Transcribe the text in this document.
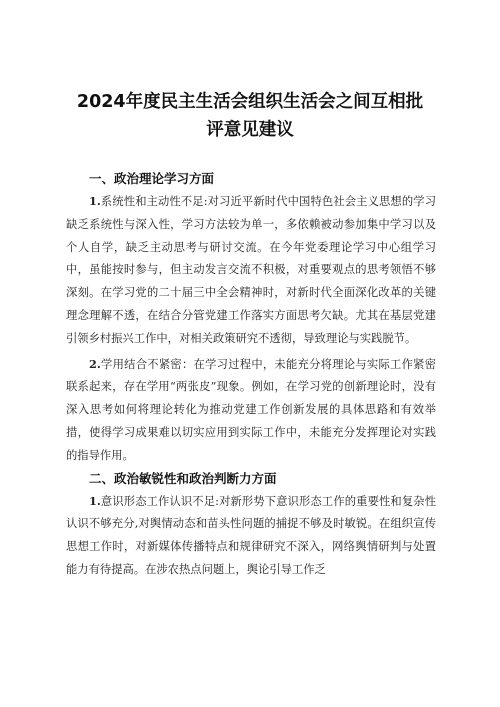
2024年度民主生活会组织生活会之间互相批
评意见建议
一、政治理论学习方面

1.系统性和主动性不足:对习近平新时代中国特色社会主义思想的学习缺乏系统性与深入性，学习方法较为单一，多依赖被动参加集中学习以及个人自学，缺乏主动思考与研讨交流。在今年党委理论学习中心组学习中，虽能按时参与，但主动发言交流不积极，对重要观点的思考领悟不够深刻。在学习党的二十届三中全会精神时，对新时代全面深化改革的关键理念理解不透，在结合分管党建工作落实方面思考欠缺。尤其在基层党建引领乡村振兴工作中，对相关政策研究不透彻，导致理论与实践脱节。

2.学用结合不紧密：在学习过程中，未能充分将理论与实际工作紧密联系起来，存在学用“两张皮”现象。例如，在学习党的创新理论时，没有深入思考如何将理论转化为推动党建工作创新发展的具体思路和有效举措，使得学习成果难以切实应用到实际工作中，未能充分发挥理论对实践的指导作用。

二、政治敏锐性和政治判断力方面

1.意识形态工作认识不足:对新形势下意识形态工作的重要性和复杂性认识不够充分,对舆情动态和苗头性问题的捕捉不够及时敏锐。在组织宣传思想工作时，对新媒体传播特点和规律研究不深入，网络舆情研判与处置能力有待提高。在涉农热点问题上，舆论引导工作乏
